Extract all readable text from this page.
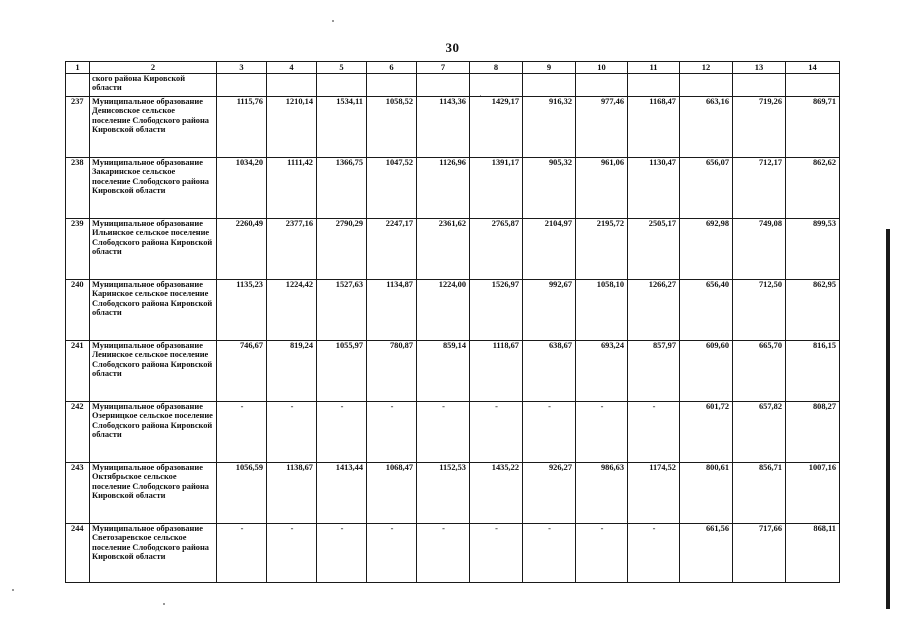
30
1	2	3	4	5	6	7	8	9	10	11	12	13	14
	ского района Кировской области												
237	Муниципальное образование Денисовское сельское поселение Слободского района Кировской области	1115,76	1210,14	1534,11	1058,52	1143,36	1429,17	916,32	977,46	1168,47	663,16	719,26	869,71
238	Муниципальное образование Закаринское сельское поселение Слободского района Кировской области	1034,20	1111,42	1366,75	1047,52	1126,96	1391,17	905,32	961,06	1130,47	656,07	712,17	862,62
239	Муниципальное образование Ильинское сельское поселение Слободского района Кировской области	2260,49	2377,16	2790,29	2247,17	2361,62	2765,87	2104,97	2195,72	2505,17	692,98	749,08	899,53
240	Муниципальное образование Каринское сельское поселение Слободского района Кировской области	1135,23	1224,42	1527,63	1134,87	1224,00	1526,97	992,67	1058,10	1266,27	656,40	712,50	862,95
241	Муниципальное образование Ленинское сельское поселение Слободского района Кировской области	746,67	819,24	1055,97	780,87	859,14	1118,67	638,67	693,24	857,97	609,60	665,70	816,15
242	Муниципальное образование Озерницкое сельское поселение Слободского района Кировской области	-	-	-	-	-	-	-	-	-	601,72	657,82	808,27
243	Муниципальное образование Октябрьское сельское поселение Слободского района Кировской области	1056,59	1138,67	1413,44	1068,47	1152,53	1435,22	926,27	986,63	1174,52	800,61	856,71	1007,16
244	Муниципальное образование Светозаревское сельское поселение Слободского района Кировской области	-	-	-	-	-	-	-	-	-	661,56	717,66	868,11
